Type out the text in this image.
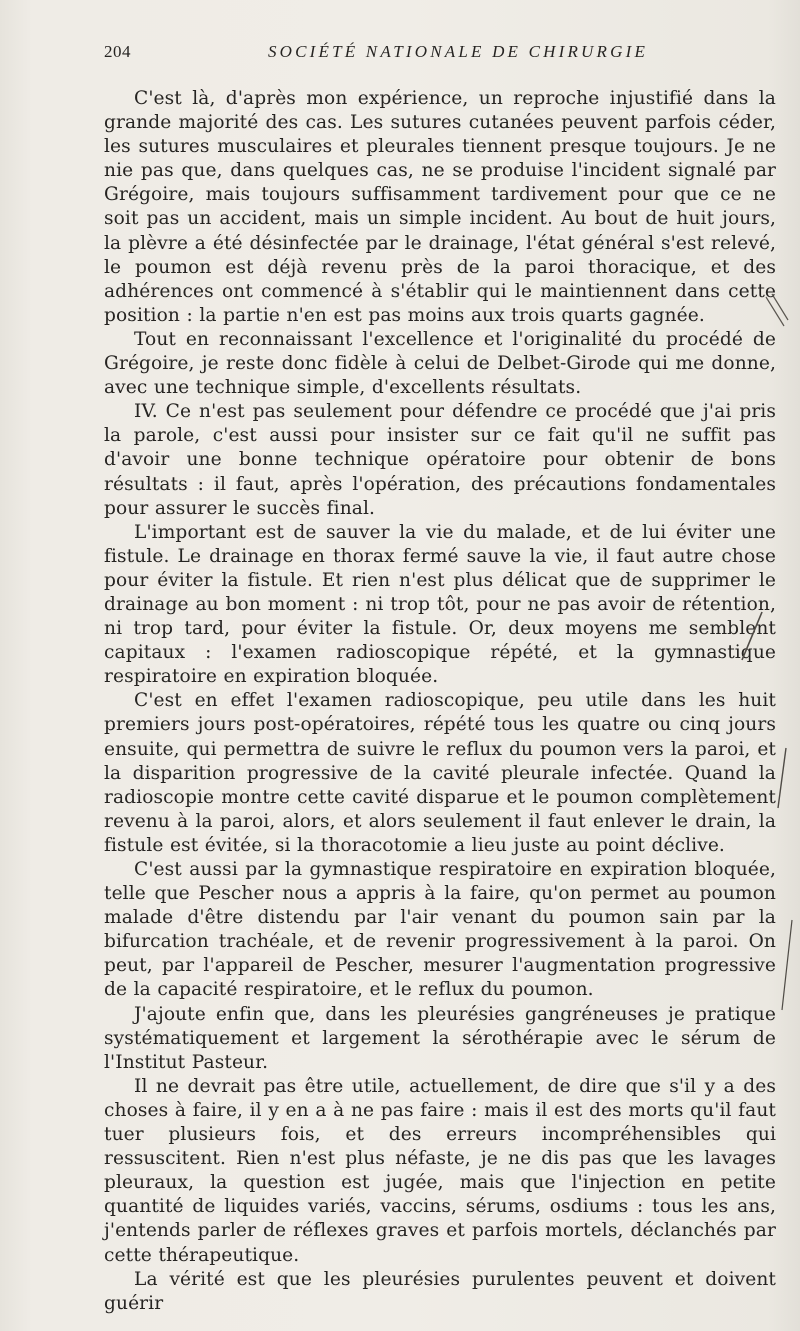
204	SOCIÉTÉ NATIONALE DE CHIRURGIE

C'est là, d'après mon expérience, un reproche injustifié dans la grande majorité des cas. Les sutures cutanées peuvent parfois céder, les sutures musculaires et pleurales tiennent presque toujours. Je ne nie pas que, dans quelques cas, ne se produise l'incident signalé par Grégoire, mais toujours suffisamment tardivement pour que ce ne soit pas un accident, mais un simple incident. Au bout de huit jours, la plèvre a été désinfectée par le drainage, l'état général s'est relevé, le poumon est déjà revenu près de la paroi thoracique, et des adhérences ont commencé à s'établir qui le maintiennent dans cette position : la partie n'en est pas moins aux trois quarts gagnée.

Tout en reconnaissant l'excellence et l'originalité du procédé de Grégoire, je reste donc fidèle à celui de Delbet-Girode qui me donne, avec une technique simple, d'excellents résultats.

IV. Ce n'est pas seulement pour défendre ce procédé que j'ai pris la parole, c'est aussi pour insister sur ce fait qu'il ne suffit pas d'avoir une bonne technique opératoire pour obtenir de bons résultats : il faut, après l'opération, des précautions fondamentales pour assurer le succès final.

L'important est de sauver la vie du malade, et de lui éviter une fistule. Le drainage en thorax fermé sauve la vie, il faut autre chose pour éviter la fistule. Et rien n'est plus délicat que de supprimer le drainage au bon moment : ni trop tôt, pour ne pas avoir de rétention, ni trop tard, pour éviter la fistule. Or, deux moyens me semblent capitaux : l'examen radioscopique répété, et la gymnastique respiratoire en expiration bloquée.

C'est en effet l'examen radioscopique, peu utile dans les huit premiers jours post-opératoires, répété tous les quatre ou cinq jours ensuite, qui permettra de suivre le reflux du poumon vers la paroi, et la disparition progressive de la cavité pleurale infectée. Quand la radioscopie montre cette cavité disparue et le poumon complètement revenu à la paroi, alors, et alors seulement il faut enlever le drain, la fistule est évitée, si la thoracotomie a lieu juste au point déclive.

C'est aussi par la gymnastique respiratoire en expiration bloquée, telle que Pescher nous a appris à la faire, qu'on permet au poumon malade d'être distendu par l'air venant du poumon sain par la bifurcation trachéale, et de revenir progressivement à la paroi. On peut, par l'appareil de Pescher, mesurer l'augmentation progressive de la capacité respiratoire, et le reflux du poumon.

J'ajoute enfin que, dans les pleurésies gangréneuses je pratique systématiquement et largement la sérothérapie avec le sérum de l'Institut Pasteur.

Il ne devrait pas être utile, actuellement, de dire que s'il y a des choses à faire, il y en a à ne pas faire : mais il est des morts qu'il faut tuer plusieurs fois, et des erreurs incompréhensibles qui ressuscitent. Rien n'est plus néfaste, je ne dis pas que les lavages pleuraux, la question est jugée, mais que l'injection en petite quantité de liquides variés, vaccins, sérums, osdiums : tous les ans, j'entends parler de réflexes graves et parfois mortels, déclanchés par cette thérapeutique.

La vérité est que les pleurésies purulentes peuvent et doivent guérir
